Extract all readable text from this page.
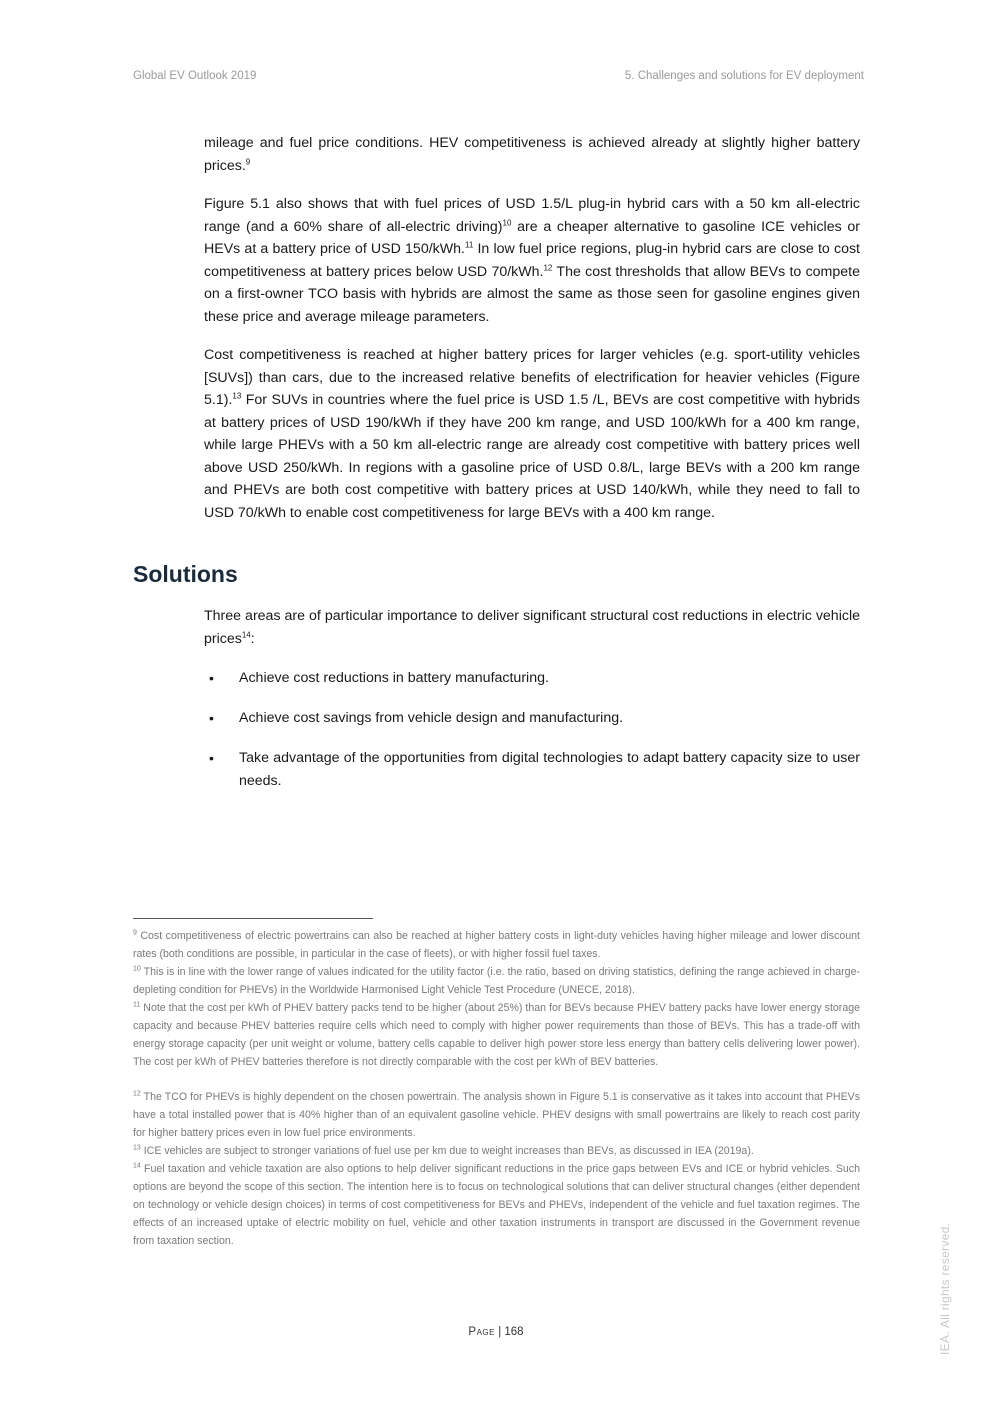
Global EV Outlook 2019	5. Challenges and solutions for EV deployment

mileage and fuel price conditions. HEV competitiveness is achieved already at slightly higher battery prices.$^9$

Figure 5.1 also shows that with fuel prices of USD 1.5/L plug-in hybrid cars with a 50 km all-electric range (and a 60% share of all-electric driving)$^{10}$ are a cheaper alternative to gasoline ICE vehicles or HEVs at a battery price of USD 150/kWh.$^{11}$ In low fuel price regions, plug-in hybrid cars are close to cost competitiveness at battery prices below USD 70/kWh.$^{12}$ The cost thresholds that allow BEVs to compete on a first-owner TCO basis with hybrids are almost the same as those seen for gasoline engines given these price and average mileage parameters.

Cost competitiveness is reached at higher battery prices for larger vehicles (e.g. sport-utility vehicles [SUVs]) than cars, due to the increased relative benefits of electrification for heavier vehicles (Figure 5.1).$^{13}$ For SUVs in countries where the fuel price is USD 1.5 /L, BEVs are cost competitive with hybrids at battery prices of USD 190/kWh if they have 200 km range, and USD 100/kWh for a 400 km range, while large PHEVs with a 50 km all-electric range are already cost competitive with battery prices well above USD 250/kWh. In regions with a gasoline price of USD 0.8/L, large BEVs with a 200 km range and PHEVs are both cost competitive with battery prices at USD 140/kWh, while they need to fall to USD 70/kWh to enable cost competitiveness for large BEVs with a 400 km range.

Solutions

Three areas are of particular importance to deliver significant structural cost reductions in electric vehicle prices$^{14}$:

• Achieve cost reductions in battery manufacturing.
• Achieve cost savings from vehicle design and manufacturing.
• Take advantage of the opportunities from digital technologies to adapt battery capacity size to user needs.

$^9$ Cost competitiveness of electric powertrains can also be reached at higher battery costs in light-duty vehicles having higher mileage and lower discount rates (both conditions are possible, in particular in the case of fleets), or with higher fossil fuel taxes.

$^{10}$ This is in line with the lower range of values indicated for the utility factor (i.e. the ratio, based on driving statistics, defining the range achieved in charge-depleting condition for PHEVs) in the Worldwide Harmonised Light Vehicle Test Procedure (UNECE, 2018).

$^{11}$ Note that the cost per kWh of PHEV battery packs tend to be higher (about 25%) than for BEVs because PHEV battery packs have lower energy storage capacity and because PHEV batteries require cells which need to comply with higher power requirements than those of BEVs. This has a trade-off with energy storage capacity (per unit weight or volume, battery cells capable to deliver high power store less energy than battery cells delivering lower power). The cost per kWh of PHEV batteries therefore is not directly comparable with the cost per kWh of BEV batteries.

$^{12}$ The TCO for PHEVs is highly dependent on the chosen powertrain. The analysis shown in Figure 5.1 is conservative as it takes into account that PHEVs have a total installed power that is 40% higher than of an equivalent gasoline vehicle. PHEV designs with small powertrains are likely to reach cost parity for higher battery prices even in low fuel price environments.

$^{13}$ ICE vehicles are subject to stronger variations of fuel use per km due to weight increases than BEVs, as discussed in IEA (2019a).

$^{14}$ Fuel taxation and vehicle taxation are also options to help deliver significant reductions in the price gaps between EVs and ICE or hybrid vehicles. Such options are beyond the scope of this section. The intention here is to focus on technological solutions that can deliver structural changes (either dependent on technology or vehicle design choices) in terms of cost competitiveness for BEVs and PHEVs, independent of the vehicle and fuel taxation regimes. The effects of an increased uptake of electric mobility on fuel, vehicle and other taxation instruments in transport are discussed in the Government revenue from taxation section.

Page | 168	IEA. All rights reserved.
